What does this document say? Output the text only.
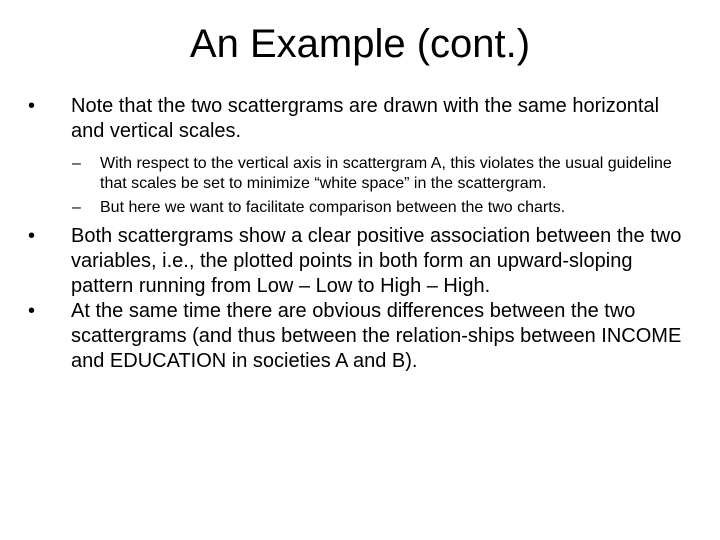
An Example (cont.)
•	Note that the two scattergrams are drawn with the same horizontal and vertical scales.
–	With respect to the vertical axis in scattergram A, this violates the usual guideline that scales be set to minimize “white space” in the scattergram.
–	But here we want to facilitate comparison between the two charts.
•	Both scattergrams show a clear positive association between the two variables, i.e., the plotted points in both form an upward-sloping pattern running from Low – Low to High – High.
•	At the same time there are obvious differences between the two scattergrams (and thus between the relation-ships between INCOME and EDUCATION in societies A and B).
